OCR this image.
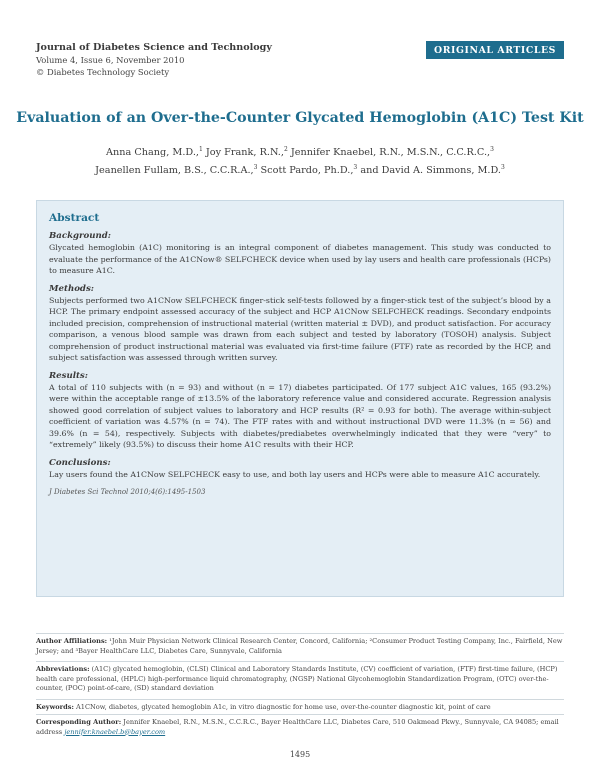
Journal of Diabetes Science and Technology
Volume 4, Issue 6, November 2010
© Diabetes Technology Society
ORIGINAL ARTICLES
Evaluation of an Over-the-Counter Glycated Hemoglobin (A1C) Test Kit
Anna Chang, M.D.,$^1$ Joy Frank, R.N.,$^2$ Jennifer Knaebel, R.N., M.S.N., C.C.R.C.,$^3$
Jeanellen Fullam, B.S., C.C.R.A.,$^3$ Scott Pardo, Ph.D.,$^3$ and David A. Simmons, M.D.$^3$
Abstract
Background:
Glycated hemoglobin (A1C) monitoring is an integral component of diabetes management. This study was conducted to evaluate the performance of the A1CNow® SELFCHECK device when used by lay users and health care professionals (HCPs) to measure A1C.
Methods:
Subjects performed two A1CNow SELFCHECK finger-stick self-tests followed by a finger-stick test of the subject’s blood by a HCP. The primary endpoint assessed accuracy of the subject and HCP A1CNow SELFCHECK readings. Secondary endpoints included precision, comprehension of instructional material (written material ± DVD), and product satisfaction. For accuracy comparison, a venous blood sample was drawn from each subject and tested by laboratory (TOSOH) analysis. Subject comprehension of product instructional material was evaluated via first-time failure (FTF) rate as recorded by the HCP, and subject satisfaction was assessed through written survey.
Results:
A total of 110 subjects with (n = 93) and without (n = 17) diabetes participated. Of 177 subject A1C values, 165 (93.2%) were within the acceptable range of ±13.5% of the laboratory reference value and considered accurate. Regression analysis showed good correlation of subject values to laboratory and HCP results (R² = 0.93 for both). The average within-subject coefficient of variation was 4.57% (n = 74). The FTF rates with and without instructional DVD were 11.3% (n = 56) and 39.6% (n = 54), respectively. Subjects with diabetes/prediabetes overwhelmingly indicated that they were “very” to “extremely” likely (93.5%) to discuss their home A1C results with their HCP.
Conclusions:
Lay users found the A1CNow SELFCHECK easy to use, and both lay users and HCPs were able to measure A1C accurately.
J Diabetes Sci Technol 2010;4(6):1495-1503
Author Affiliations: ¹John Muir Physician Network Clinical Research Center, Concord, California; ²Consumer Product Testing Company, Inc., Fairfield, New Jersey; and ³Bayer HealthCare LLC, Diabetes Care, Sunnyvale, California
Abbreviations: (A1C) glycated hemoglobin, (CLSI) Clinical and Laboratory Standards Institute, (CV) coefficient of variation, (FTF) first-time failure, (HCP) health care professional, (HPLC) high-performance liquid chromatography, (NGSP) National Glycohemoglobin Standardization Program, (OTC) over-the-counter, (POC) point-of-care, (SD) standard deviation
Keywords: A1CNow, diabetes, glycated hemoglobin A1c, in vitro diagnostic for home use, over-the-counter diagnostic kit, point of care
Corresponding Author: Jennifer Knaebel, R.N., M.S.N., C.C.R.C., Bayer HealthCare LLC, Diabetes Care, 510 Oakmead Pkwy., Sunnyvale, CA 94085; email address jennifer.knaebel.b@bayer.com
1495
